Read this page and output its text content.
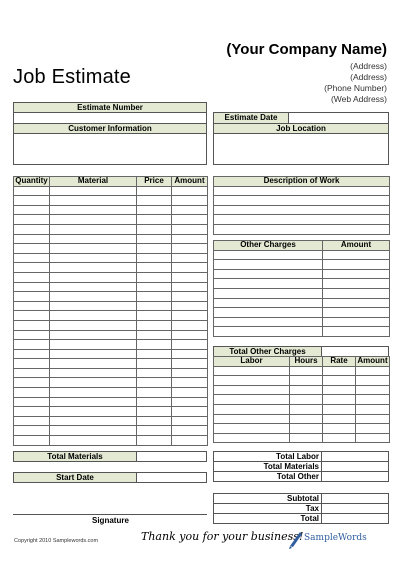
Job Estimate
(Your Company Name)
(Address)
(Address)
(Phone Number)
(Web Address)
Estimate Number
Customer Information
Estimate Date
Job Location
Quantity	Material	Price	Amount

Total Materials
Start Date
Description of Work

Other Charges	Amount

Total Other Charges
Labor	Hours	Rate	Amount

Total Labor
Total Materials
Total Other
Subtotal
Tax
Total
Signature
Copyright 2010 Samplewords.com	Thank you for your business! SampleWords
